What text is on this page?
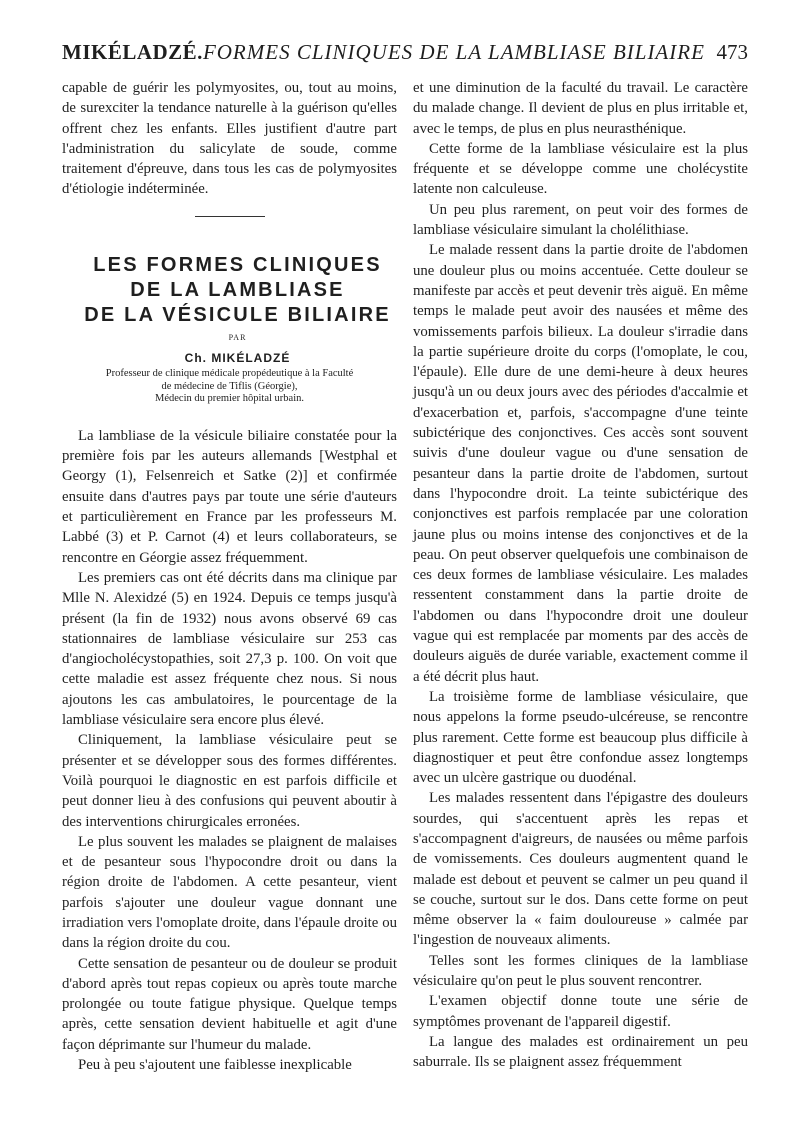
MIKÉLADZÉ. FORMES CLINIQUES DE LA LAMBLIASE BILIAIRE 473

capable de guérir les polymyosites, ou, tout au moins, de surexciter la tendance naturelle à la guérison qu'elles offrent chez les enfants. Elles justifient d'autre part l'administration du salicylate de soude, comme traitement d'épreuve, dans tous les cas de polymyosites d'étiologie indéterminée.

LES FORMES CLINIQUES

DE LA LAMBLIASE

DE LA VÉSICULE BILIAIRE

PAR

Ch. MIKÉLADZÉ

Professeur de clinique médicale propédeutique à la Faculté
de médecine de Tiflis (Géorgie),
Médecin du premier hôpital urbain.

La lambliase de la vésicule biliaire constatée pour la première fois par les auteurs allemands [Westphal et Georgy (1), Felsenreich et Satke (2)] et confirmée ensuite dans d'autres pays par toute une série d'auteurs et particulièrement en France par les professeurs M. Labbé (3) et P. Carnot (4) et leurs collaborateurs, se rencontre en Géorgie assez fréquemment.

Les premiers cas ont été décrits dans ma clinique par Mlle N. Alexidzé (5) en 1924. Depuis ce temps jusqu'à présent (la fin de 1932) nous avons observé 69 cas stationnaires de lambliase vésiculaire sur 253 cas d'angiocholécystopathies, soit 27,3 p. 100. On voit que cette maladie est assez fréquente chez nous. Si nous ajoutons les cas ambulatoires, le pourcentage de la lambliase vésiculaire sera encore plus élevé.

Cliniquement, la lambliase vésiculaire peut se présenter et se développer sous des formes différentes. Voilà pourquoi le diagnostic en est parfois difficile et peut donner lieu à des confusions qui peuvent aboutir à des interventions chirurgicales erronées.

Le plus souvent les malades se plaignent de malaises et de pesanteur sous l'hypocondre droit ou dans la région droite de l'abdomen. A cette pesanteur, vient parfois s'ajouter une douleur vague donnant une irradiation vers l'omoplate droite, dans l'épaule droite ou dans la région droite du cou.

Cette sensation de pesanteur ou de douleur se produit d'abord après tout repas copieux ou après toute marche prolongée ou toute fatigue physique. Quelque temps après, cette sensation devient habituelle et agit d'une façon déprimante sur l'humeur du malade.

Peu à peu s'ajoutent une faiblesse inexplicable

et une diminution de la faculté du travail. Le caractère du malade change. Il devient de plus en plus irritable et, avec le temps, de plus en plus neurasthénique.

Cette forme de la lambliase vésiculaire est la plus fréquente et se développe comme une cholécystite latente non calculeuse.

Un peu plus rarement, on peut voir des formes de lambliase vésiculaire simulant la cholélithiase.

Le malade ressent dans la partie droite de l'abdomen une douleur plus ou moins accentuée. Cette douleur se manifeste par accès et peut devenir très aiguë. En même temps le malade peut avoir des nausées et même des vomissements parfois bilieux. La douleur s'irradie dans la partie supérieure droite du corps (l'omoplate, le cou, l'épaule). Elle dure de une demi-heure à deux heures jusqu'à un ou deux jours avec des périodes d'accalmie et d'exacerbation et, parfois, s'accompagne d'une teinte subictérique des conjonctives. Ces accès sont souvent suivis d'une douleur vague ou d'une sensation de pesanteur dans la partie droite de l'abdomen, surtout dans l'hypocondre droit. La teinte subictérique des conjonctives est parfois remplacée par une coloration jaune plus ou moins intense des conjonctives et de la peau. On peut observer quelquefois une combinaison de ces deux formes de lambliase vésiculaire. Les malades ressentent constamment dans la partie droite de l'abdomen ou dans l'hypocondre droit une douleur vague qui est remplacée par moments par des accès de douleurs aiguës de durée variable, exactement comme il a été décrit plus haut.

La troisième forme de lambliase vésiculaire, que nous appelons la forme pseudo-ulcéreuse, se rencontre plus rarement. Cette forme est beaucoup plus difficile à diagnostiquer et peut être confondue assez longtemps avec un ulcère gastrique ou duodénal.

Les malades ressentent dans l'épigastre des douleurs sourdes, qui s'accentuent après les repas et s'accompagnent d'aigreurs, de nausées ou même parfois de vomissements. Ces douleurs augmentent quand le malade est debout et peuvent se calmer un peu quand il se couche, surtout sur le dos. Dans cette forme on peut même observer la « faim douloureuse » calmée par l'ingestion de nouveaux aliments.

Telles sont les formes cliniques de la lambliase vésiculaire qu'on peut le plus souvent rencontrer.

L'examen objectif donne toute une série de symptômes provenant de l'appareil digestif.

La langue des malades est ordinairement un peu saburrale. Ils se plaignent assez fréquemment
